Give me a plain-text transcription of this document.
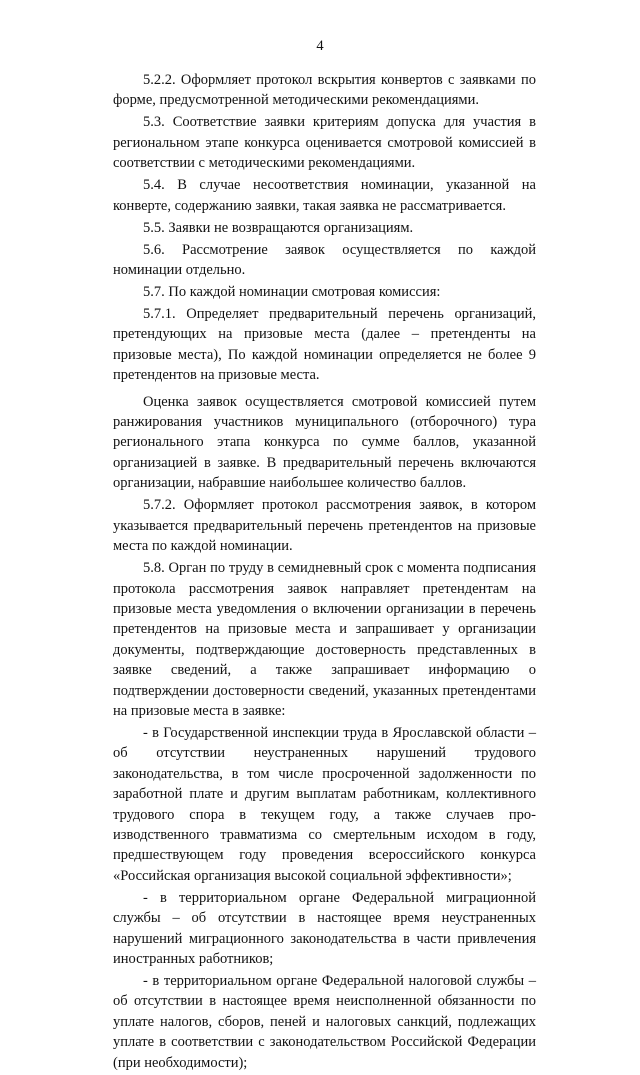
4

5.2.2. Оформляет протокол вскрытия конвертов с заявками по форме, предусмотренной методическими рекомендациями.

5.3. Соответствие заявки критериям допуска для участия в региональном этапе конкурса оценивается смотровой комиссией в соответствии с методическими рекомендациями.

5.4. В случае несоответствия номинации, указанной на конверте, содержанию заявки, такая заявка не рассматривается.

5.5. Заявки не возвращаются организациям.

5.6. Рассмотрение заявок осуществляется по каждой номинации отдельно.

5.7. По каждой номинации смотровая комиссия:

5.7.1. Определяет предварительный перечень организаций, претендующих на призовые места (далее – претенденты на призовые места), По каждой номинации определяется не более 9 претендентов на призовые места.

Оценка заявок осуществляется смотровой комиссией путем ранжирования участников муниципального (отборочного) тура регионального этапа конкурса по сумме баллов, указанной организацией в заявке. В предварительный перечень включаются организации, набравшие наибольшее количество баллов.

5.7.2. Оформляет протокол рассмотрения заявок, в котором указывается предварительный перечень претендентов на призовые места по каждой номинации.

5.8. Орган по труду в семидневный срок с момента подписания протокола рассмотрения заявок направляет претендентам на призовые места уведомления о включении организации в перечень претендентов на призовые места и запрашивает у организации документы, подтверждающие достоверность представленных в заявке сведений, а также запрашивает информацию о подтверждении достоверности сведений, указанных претендентами на призовые места в заявке:

- в Государственной инспекции труда в Ярославской области – об отсутствии неустраненных нарушений трудового законодательства, в том числе просроченной задолженности по заработной плате и другим выплатам работникам, коллективного трудового спора в текущем году, а также случаев производственного травматизма со смертельным исходом в году, предшествующем году проведения всероссийского конкурса «Российская организация высокой социальной эффективности»;

- в территориальном органе Федеральной миграционной службы – об отсутствии в настоящее время неустраненных нарушений миграционного законодательства в части привлечения иностранных работников;

- в территориальном органе Федеральной налоговой службы – об отсутствии в настоящее время неисполненной обязанности по уплате налогов, сборов, пеней и налоговых санкций, подлежащих уплате в соответствии с законодательством Российской Федерации (при необходимости);
